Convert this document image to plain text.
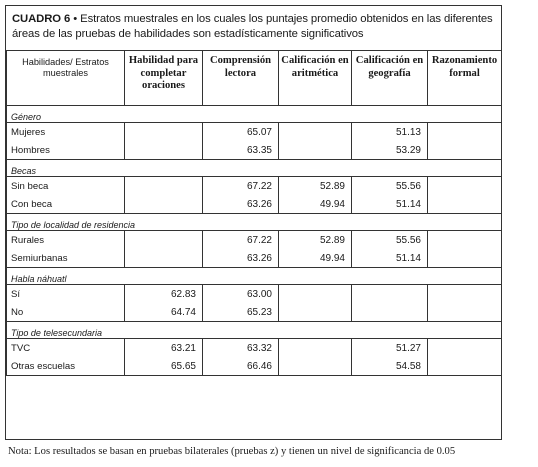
CUADRO 6 • Estratos muestrales en los cuales los puntajes promedio obtenidos en las diferentes áreas de las pruebas de habilidades son estadísticamente significativos
Habilidades/ Estratos muestrales	Habilidad para completar oraciones	Comprensión lectora	Calificación en aritmética	Calificación en geografía	Razonamiento formal
Género					
Mujeres		65.07		51.13	
Hombres		63.35		53.29	
Becas					
Sin beca		67.22	52.89	55.56	
Con beca		63.26	49.94	51.14	
Tipo de localidad de residencia					
Rurales		67.22	52.89	55.56	
Semiurbanas		63.26	49.94	51.14	
Habla náhuatl					
Sí	62.83	63.00			
No	64.74	65.23			
Tipo de telesecundaria					
TVC	63.21	63.32		51.27	
Otras escuelas	65.65	66.46		54.58	
Nota: Los resultados se basan en pruebas bilaterales (pruebas z) y tienen un nivel de significancia de 0.05
